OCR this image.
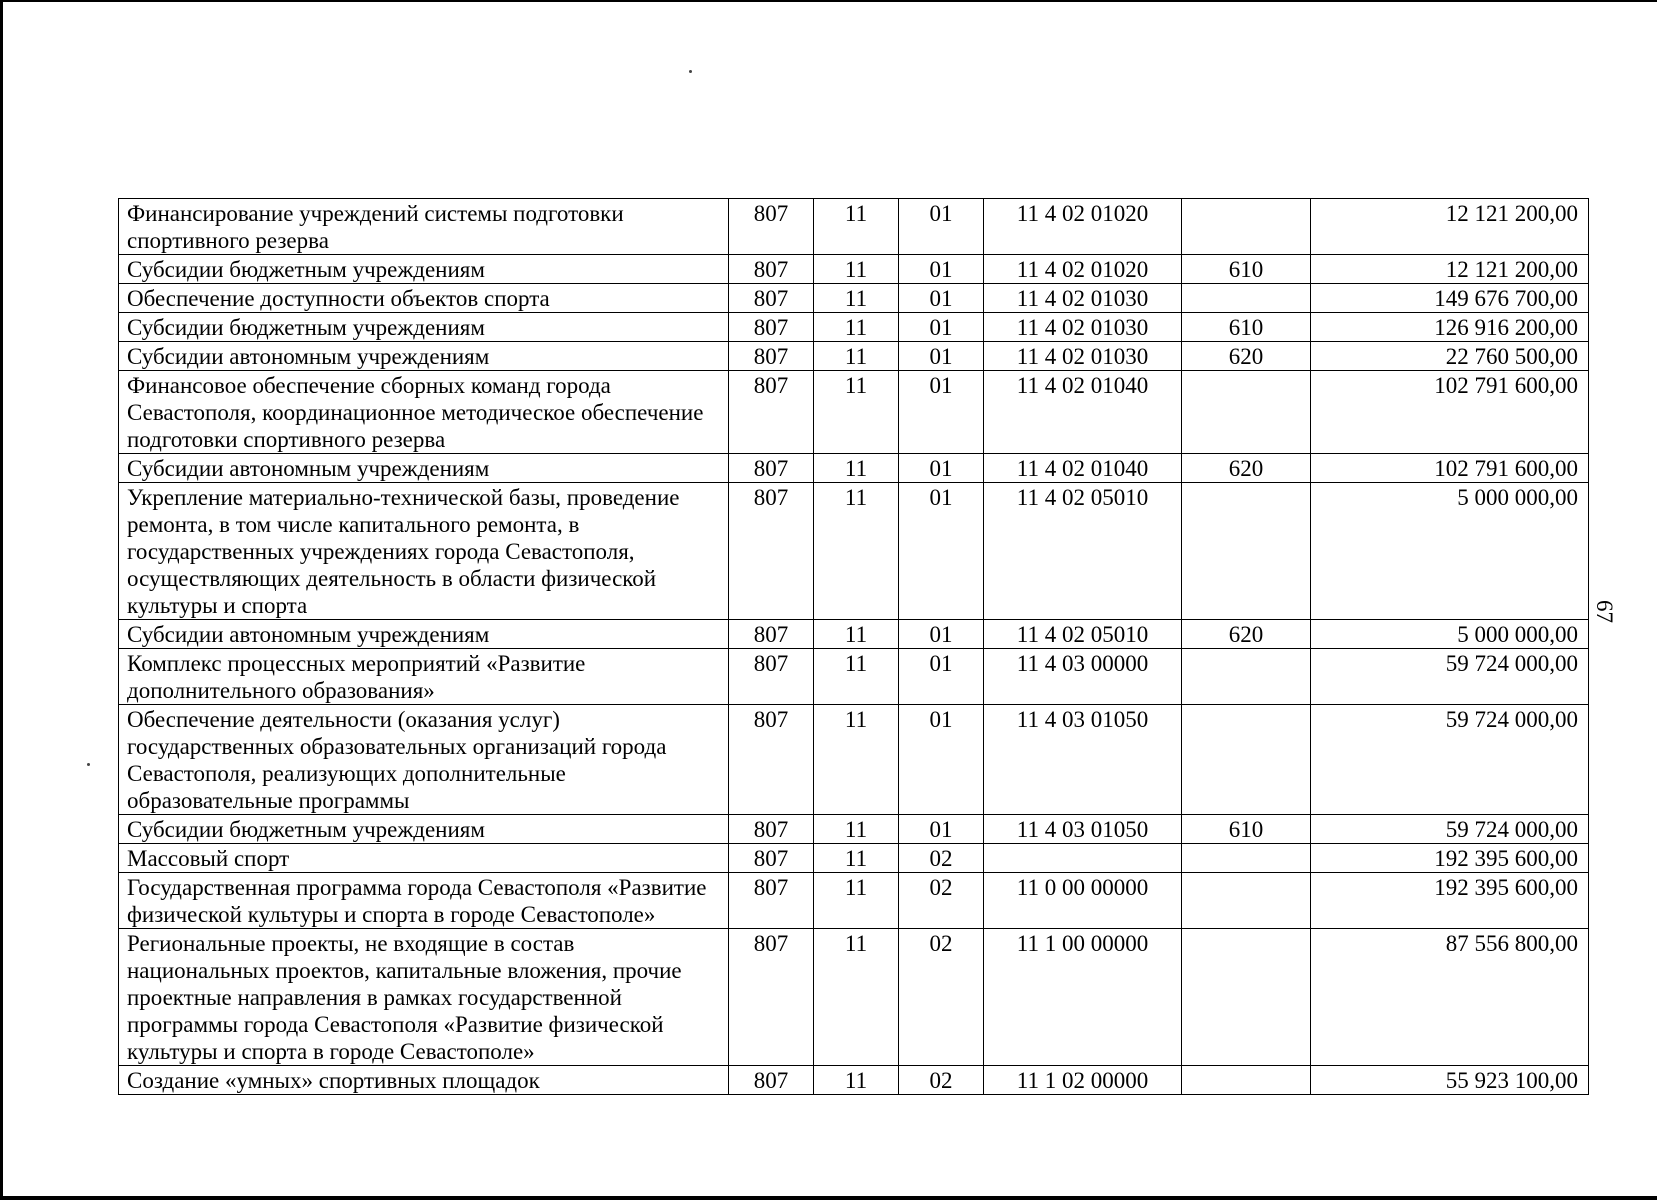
67
Финансирование учреждений системы подготовки спортивного резерва	807	11	01	11 4 02 01020		12 121 200,00
Субсидии бюджетным учреждениям	807	11	01	11 4 02 01020	610	12 121 200,00
Обеспечение доступности объектов спорта	807	11	01	11 4 02 01030		149 676 700,00
Субсидии бюджетным учреждениям	807	11	01	11 4 02 01030	610	126 916 200,00
Субсидии автономным учреждениям	807	11	01	11 4 02 01030	620	22 760 500,00
Финансовое обеспечение сборных команд города Севастополя, координационное методическое обеспечение подготовки спортивного резерва	807	11	01	11 4 02 01040		102 791 600,00
Субсидии автономным учреждениям	807	11	01	11 4 02 01040	620	102 791 600,00
Укрепление материально-технической базы, проведение ремонта, в том числе капитального ремонта, в государственных учреждениях города Севастополя, осуществляющих деятельность в области физической культуры и спорта	807	11	01	11 4 02 05010		5 000 000,00
Субсидии автономным учреждениям	807	11	01	11 4 02 05010	620	5 000 000,00
Комплекс процессных мероприятий «Развитие дополнительного образования»	807	11	01	11 4 03 00000		59 724 000,00
Обеспечение деятельности (оказания услуг) государственных образовательных организаций города Севастополя, реализующих дополнительные образовательные программы	807	11	01	11 4 03 01050		59 724 000,00
Субсидии бюджетным учреждениям	807	11	01	11 4 03 01050	610	59 724 000,00
Массовый спорт	807	11	02			192 395 600,00
Государственная программа города Севастополя «Развитие физической культуры и спорта в городе Севастополе»	807	11	02	11 0 00 00000		192 395 600,00
Региональные проекты, не входящие в состав национальных проектов, капитальные вложения, прочие проектные направления в рамках государственной программы города Севастополя «Развитие физической культуры и спорта в городе Севастополе»	807	11	02	11 1 00 00000		87 556 800,00
Создание «умных» спортивных площадок	807	11	02	11 1 02 00000		55 923 100,00
